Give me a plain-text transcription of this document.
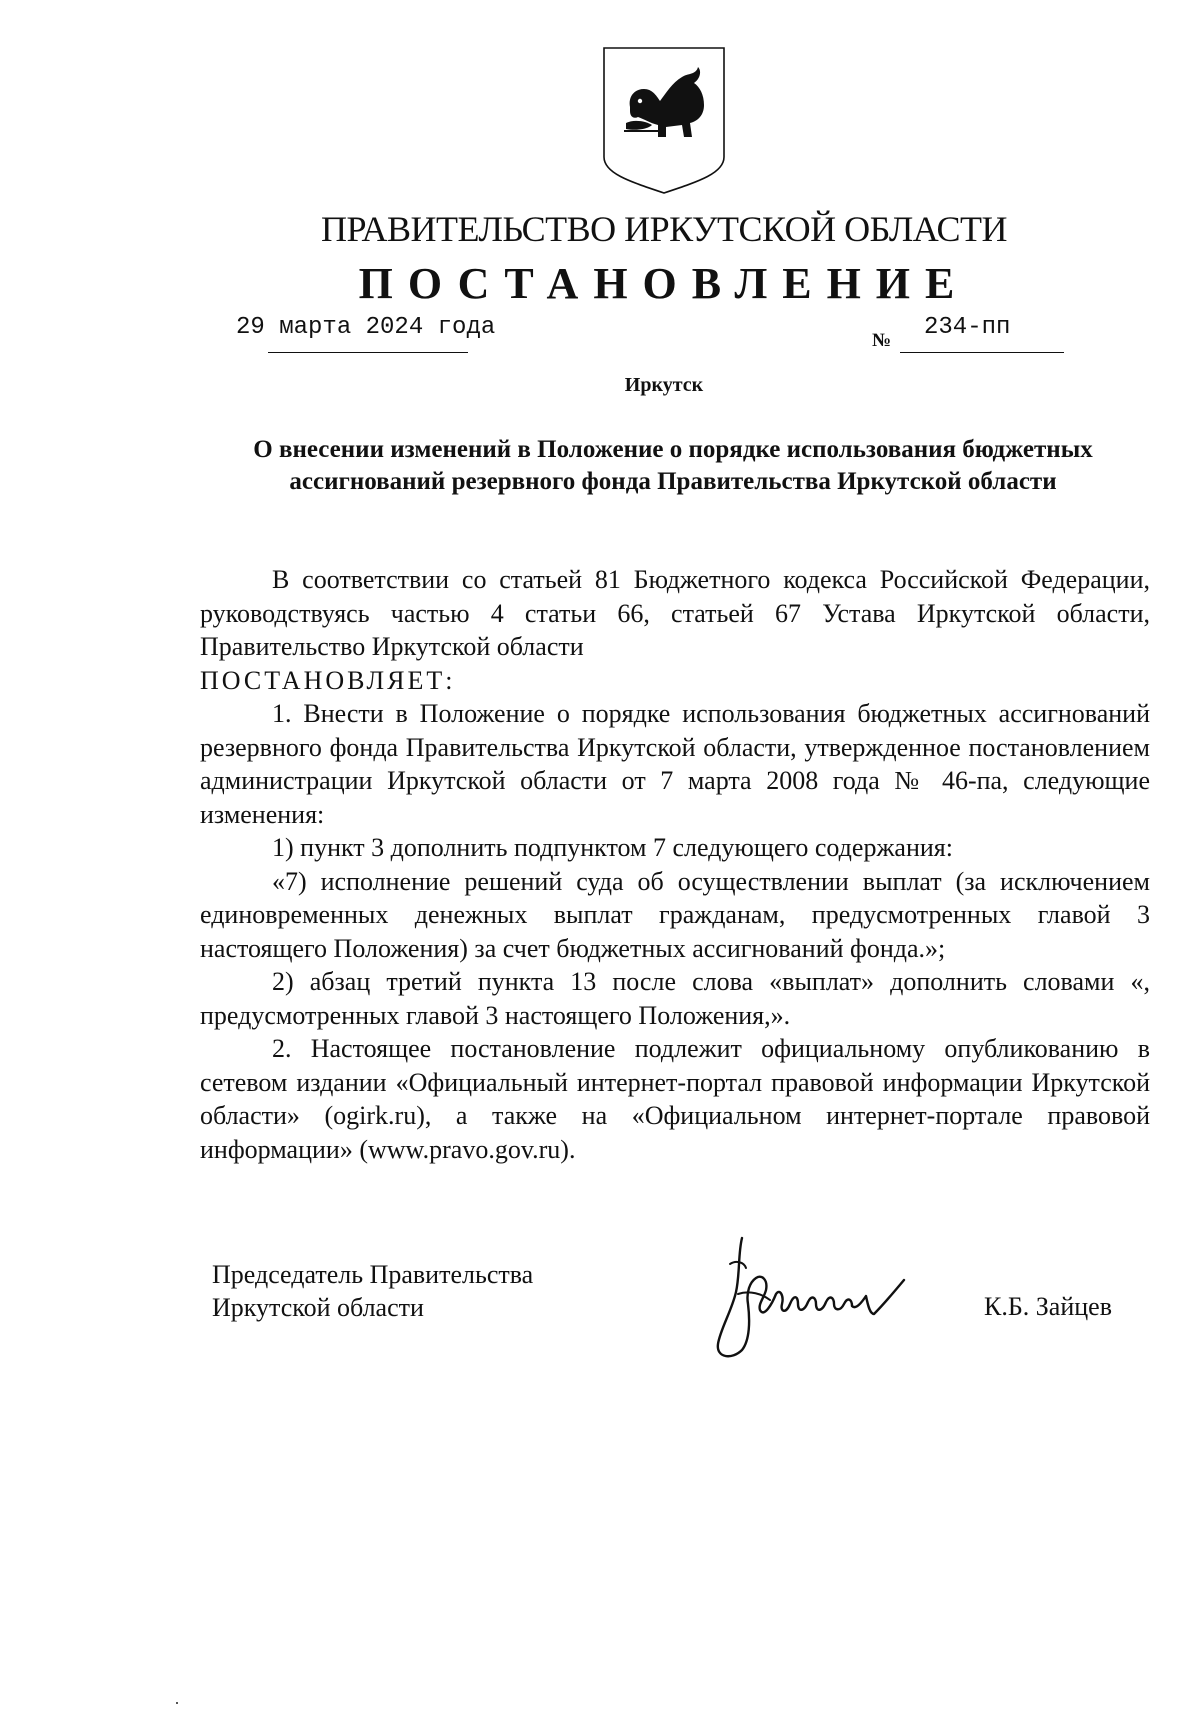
ПРАВИТЕЛЬСТВО ИРКУТСКОЙ ОБЛАСТИ
ПОСТАНОВЛЕНИЕ
29 марта 2024 года	№ 234-пп
Иркутск
О внесении изменений в Положение о порядке использования бюджетных ассигнований резервного фонда Правительства Иркутской области

В соответствии со статьей 81 Бюджетного кодекса Российской Федерации, руководствуясь частью 4 статьи 66, статьей 67 Устава Иркутской области, Правительство Иркутской области

ПОСТАНОВЛЯЕТ:

1. Внести в Положение о порядке использования бюджетных ассигнований резервного фонда Правительства Иркутской области, утвержденное постановлением администрации Иркутской области от 7 марта 2008 года № 46-па, следующие изменения:

1) пункт 3 дополнить подпунктом 7 следующего содержания:

«7) исполнение решений суда об осуществлении выплат (за исключением единовременных денежных выплат гражданам, предусмотренных главой 3 настоящего Положения) за счет бюджетных ассигнований фонда.»;

2) абзац третий пункта 13 после слова «выплат» дополнить словами «, предусмотренных главой 3 настоящего Положения,».

2. Настоящее постановление подлежит официальному опубликованию в сетевом издании «Официальный интернет-портал правовой информации Иркутской области» (ogirk.ru), а также на «Официальном интернет-портале правовой информации» (www.pravo.gov.ru).

Председатель Правительства
Иркутской области	К.Б. Зайцев
